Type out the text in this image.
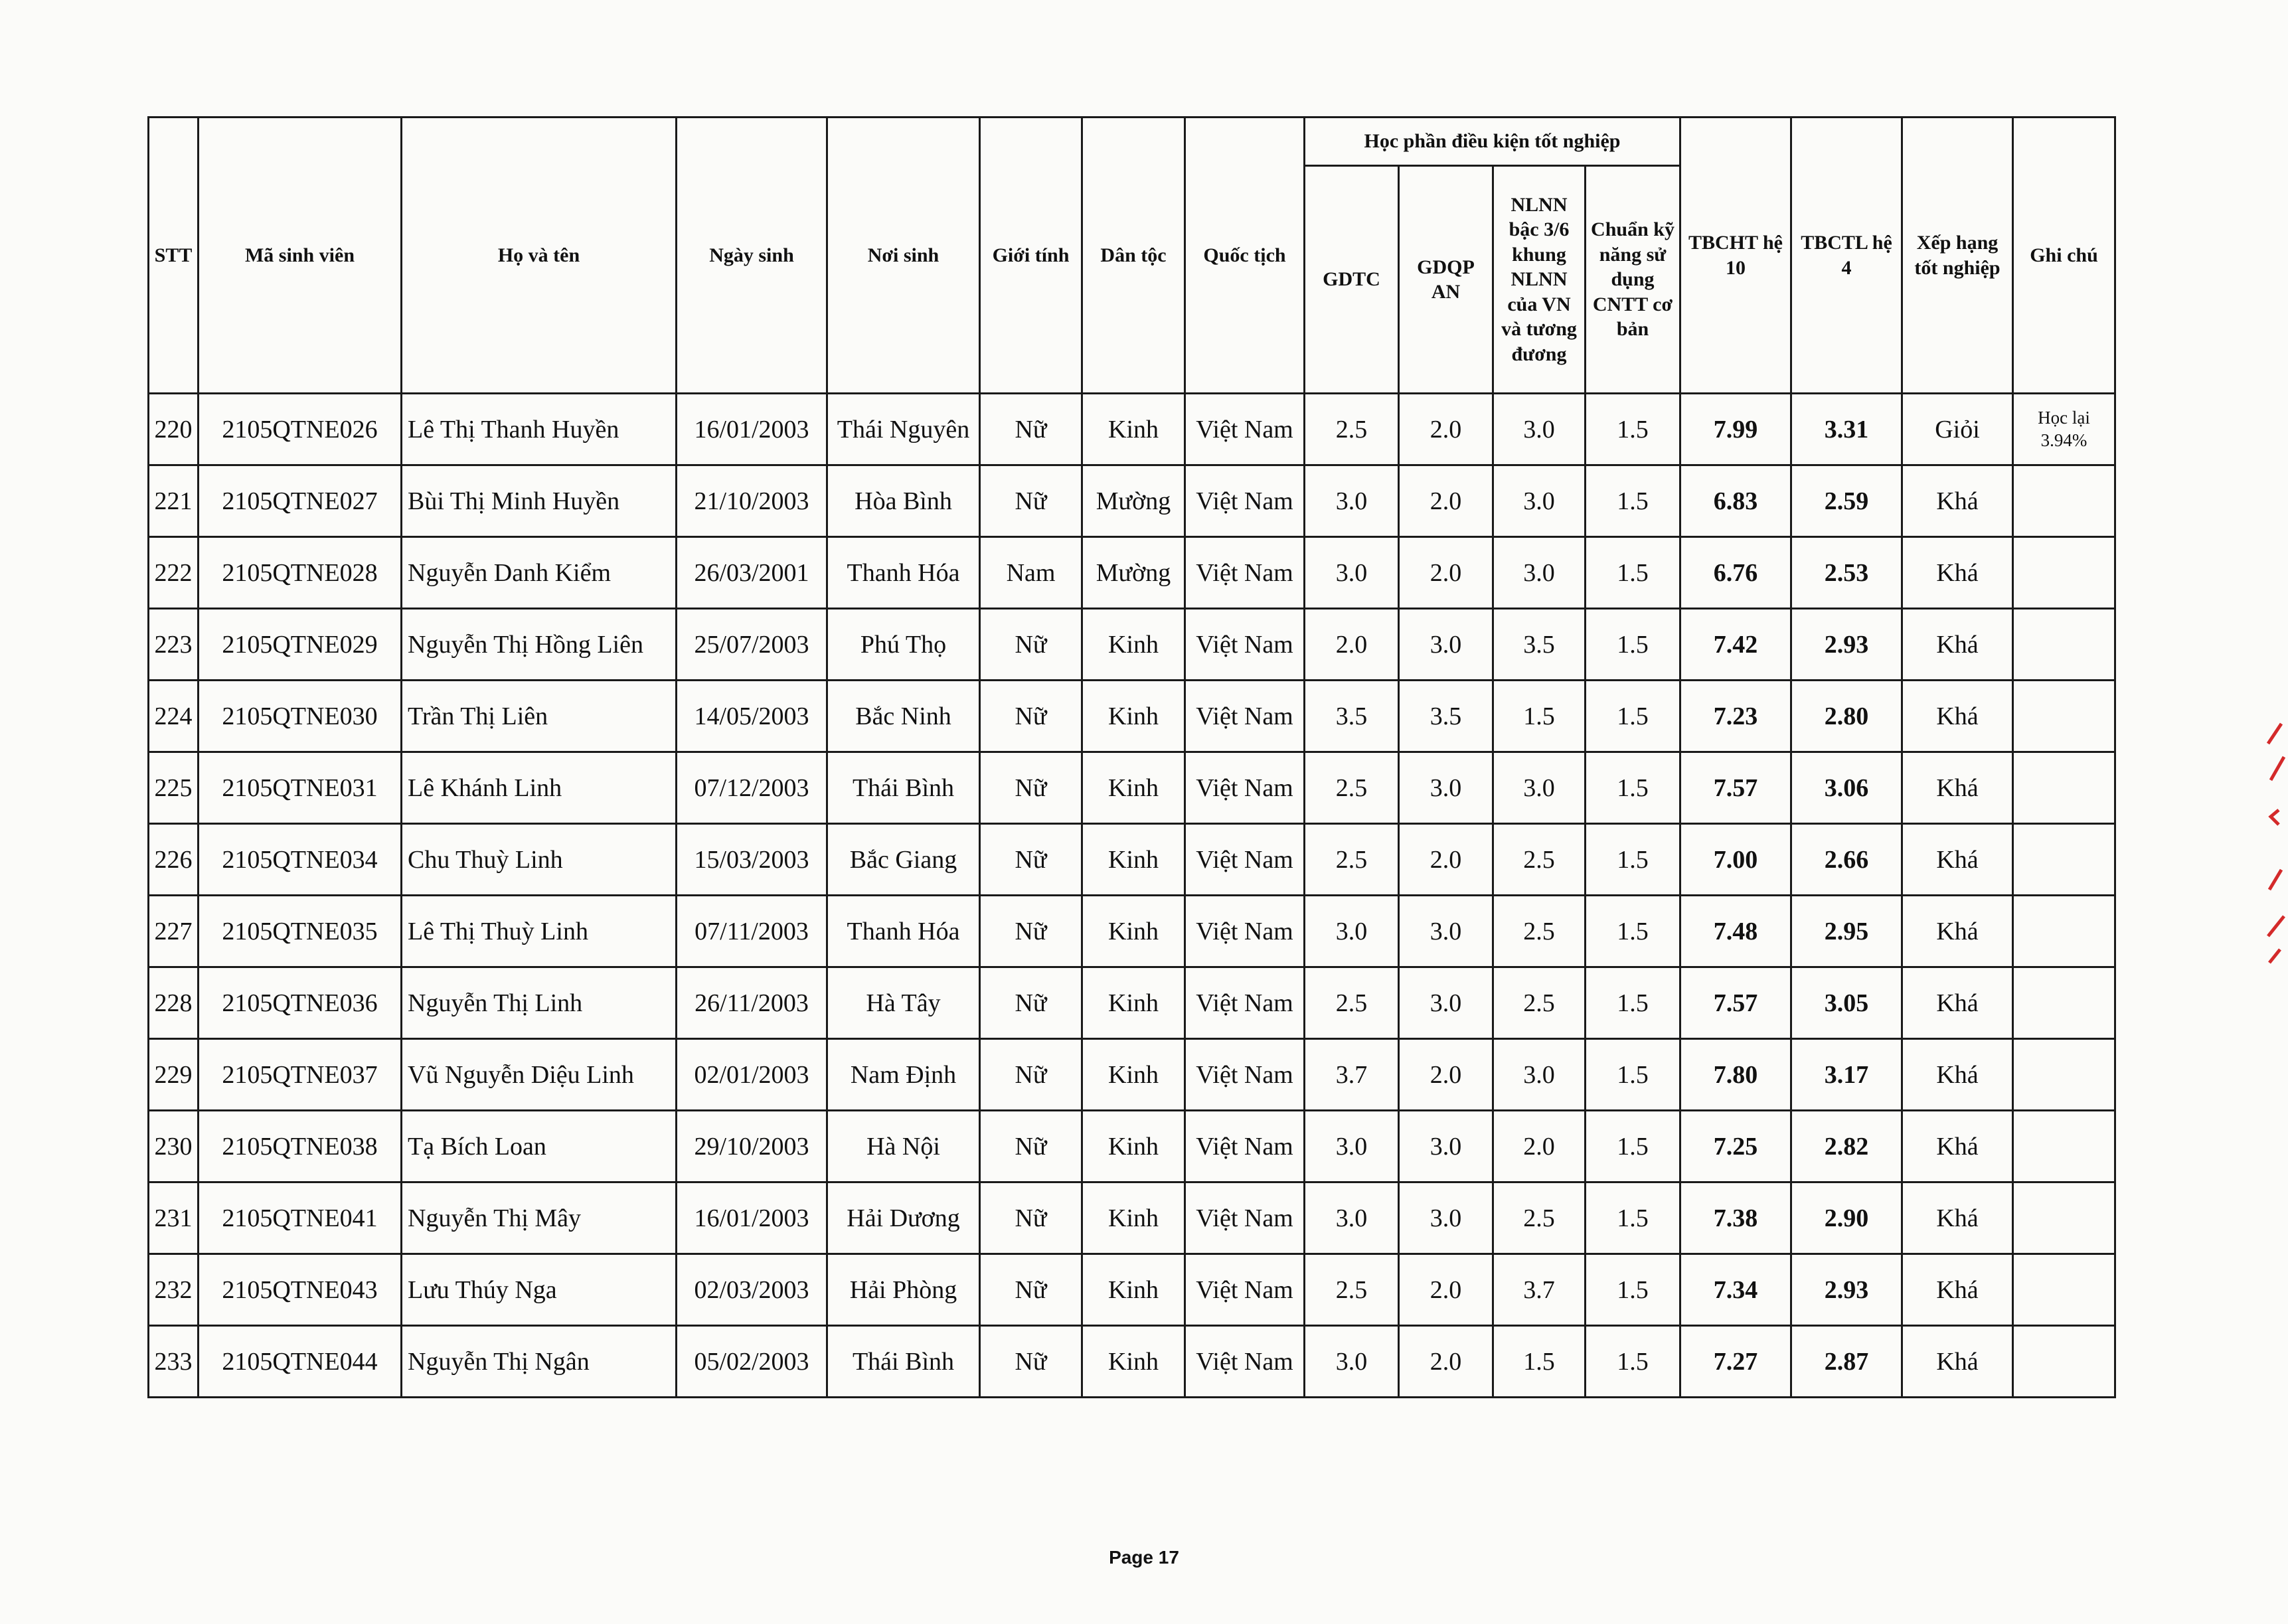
STT	Mã sinh viên	Họ và tên	Ngày sinh	Nơi sinh	Giới tính	Dân tộc	Quốc tịch	Học phần điều kiện tốt nghiệp				TBCHT hệ 10	TBCTL hệ 4	Xếp hạng tốt nghiệp	Ghi chú
								GDTC	GDQP AN	NLNN bậc 3/6 khung NLNN của VN và tương đương	Chuẩn kỹ năng sử dụng CNTT cơ bản				
220	2105QTNE026	Lê Thị Thanh Huyền	16/01/2003	Thái Nguyên	Nữ	Kinh	Việt Nam	2.5	2.0	3.0	1.5	7.99	3.31	Giỏi	Học lại
3.94%

221	2105QTNE027	Bùi Thị Minh Huyền	21/10/2003	Hòa Bình	Nữ	Mường	Việt Nam	3.0	2.0	3.0	1.5	6.83	2.59	Khá	

222	2105QTNE028	Nguyễn Danh Kiểm	26/03/2001	Thanh Hóa	Nam	Mường	Việt Nam	3.0	2.0	3.0	1.5	6.76	2.53	Khá	

223	2105QTNE029	Nguyễn Thị Hồng Liên	25/07/2003	Phú Thọ	Nữ	Kinh	Việt Nam	2.0	3.0	3.5	1.5	7.42	2.93	Khá	

224	2105QTNE030	Trần Thị Liên	14/05/2003	Bắc Ninh	Nữ	Kinh	Việt Nam	3.5	3.5	1.5	1.5	7.23	2.80	Khá	

225	2105QTNE031	Lê Khánh Linh	07/12/2003	Thái Bình	Nữ	Kinh	Việt Nam	2.5	3.0	3.0	1.5	7.57	3.06	Khá	

226	2105QTNE034	Chu Thuỳ Linh	15/03/2003	Bắc Giang	Nữ	Kinh	Việt Nam	2.5	2.0	2.5	1.5	7.00	2.66	Khá	

227	2105QTNE035	Lê Thị Thuỳ Linh	07/11/2003	Thanh Hóa	Nữ	Kinh	Việt Nam	3.0	3.0	2.5	1.5	7.48	2.95	Khá	

228	2105QTNE036	Nguyễn Thị Linh	26/11/2003	Hà Tây	Nữ	Kinh	Việt Nam	2.5	3.0	2.5	1.5	7.57	3.05	Khá	

229	2105QTNE037	Vũ Nguyễn Diệu Linh	02/01/2003	Nam Định	Nữ	Kinh	Việt Nam	3.7	2.0	3.0	1.5	7.80	3.17	Khá	

230	2105QTNE038	Tạ Bích Loan	29/10/2003	Hà Nội	Nữ	Kinh	Việt Nam	3.0	3.0	2.0	1.5	7.25	2.82	Khá	

231	2105QTNE041	Nguyễn Thị Mây	16/01/2003	Hải Dương	Nữ	Kinh	Việt Nam	3.0	3.0	2.5	1.5	7.38	2.90	Khá	

232	2105QTNE043	Lưu Thúy Nga	02/03/2003	Hải Phòng	Nữ	Kinh	Việt Nam	2.5	2.0	3.7	1.5	7.34	2.93	Khá	

233	2105QTNE044	Nguyễn Thị Ngân	05/02/2003	Thái Bình	Nữ	Kinh	Việt Nam	3.0	2.0	1.5	1.5	7.27	2.87	Khá	
Page 17
